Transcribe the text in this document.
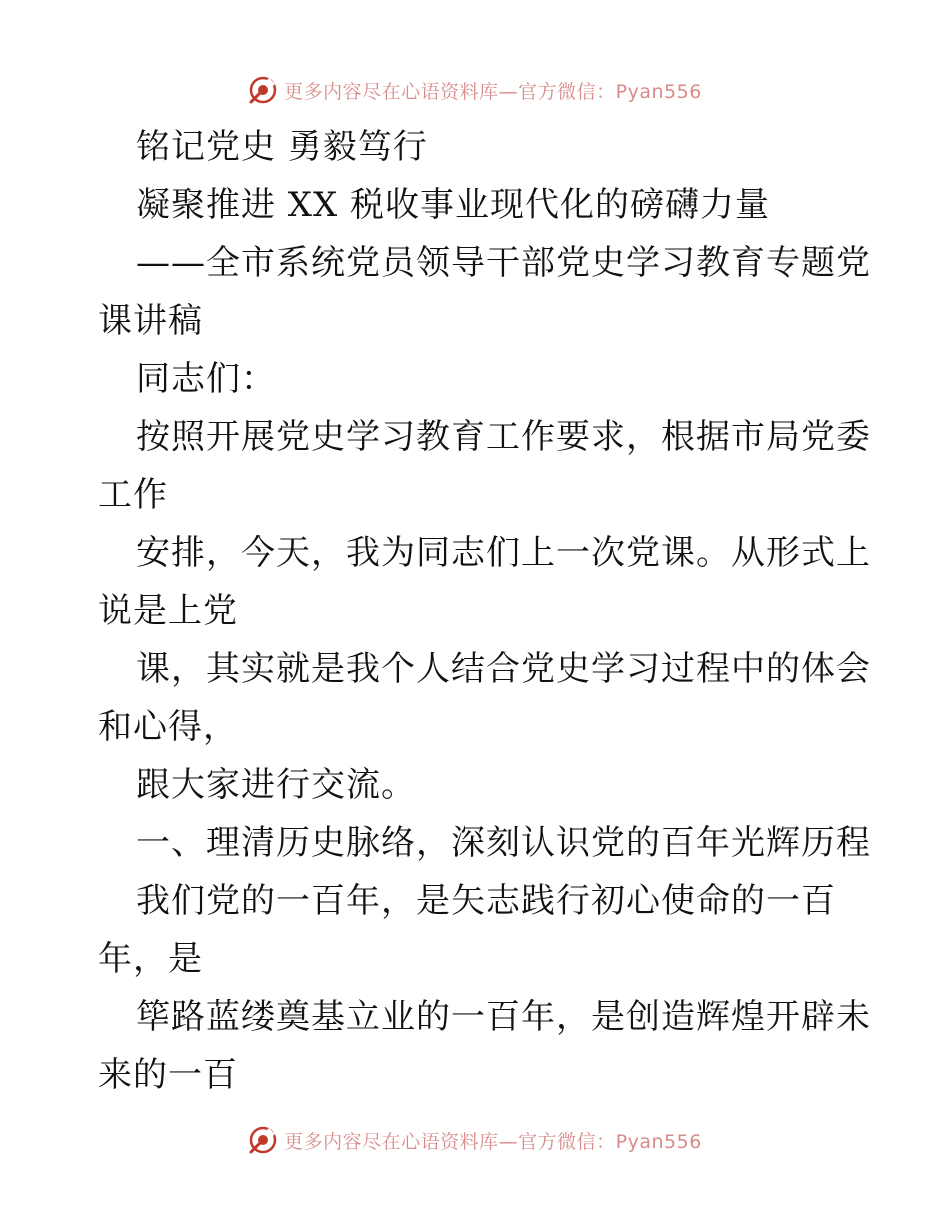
更多内容尽在心语资料库—官方微信：Pyan556
铭记党史 勇毅笃行
凝聚推进 XX 税收事业现代化的磅礴力量
——全市系统党员领导干部党史学习教育专题党
课讲稿
同志们：
按照开展党史学习教育工作要求，根据市局党委
工作
安排，今天，我为同志们上一次党课。从形式上
说是上党
课，其实就是我个人结合党史学习过程中的体会
和心得，
跟大家进行交流。
一、理清历史脉络，深刻认识党的百年光辉历程
我们党的一百年，是矢志践行初心使命的一百
年，是
筚路蓝缕奠基立业的一百年，是创造辉煌开辟未
来的一百
更多内容尽在心语资料库—官方微信：Pyan556
